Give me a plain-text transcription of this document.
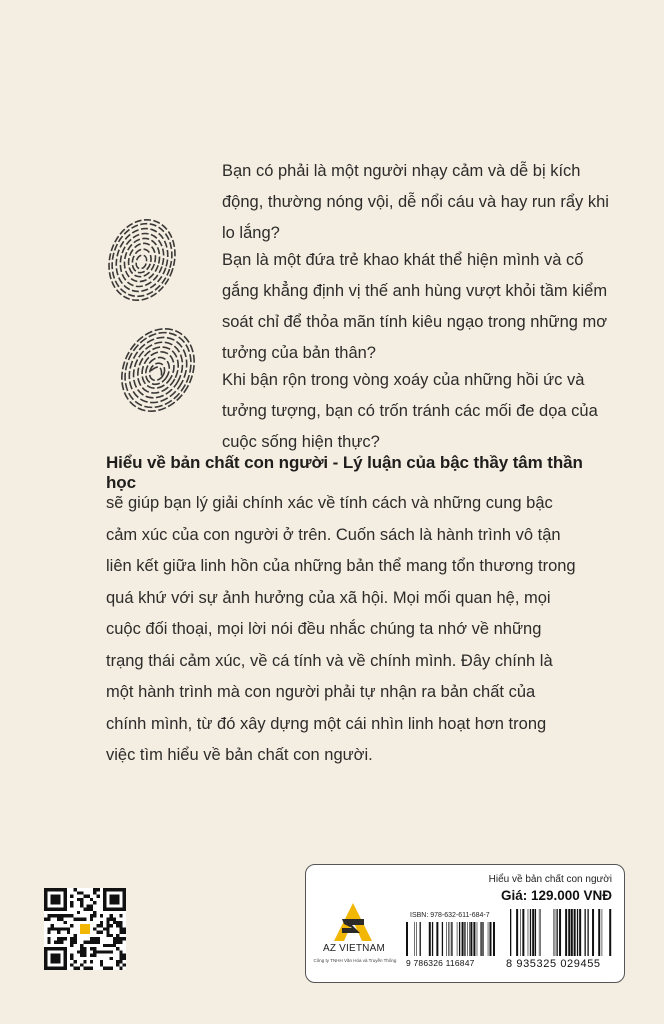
Bạn có phải là một người nhạy cảm và dễ bị kích động, thường nóng vội, dễ nổi cáu và hay run rẩy khi lo lắng?

Bạn là một đứa trẻ khao khát thể hiện mình và cố gắng khẳng định vị thế anh hùng vượt khỏi tầm kiểm soát chỉ để thỏa mãn tính kiêu ngạo trong những mơ tưởng của bản thân?

Khi bận rộn trong vòng xoáy của những hồi ức và tưởng tượng, bạn có trốn tránh các mối đe dọa của cuộc sống hiện thực?

Hiểu về bản chất con người - Lý luận của bậc thầy tâm thần học

sẽ giúp bạn lý giải chính xác về tính cách và những cung bậc cảm xúc của con người ở trên. Cuốn sách là hành trình vô tận liên kết giữa linh hồn của những bản thể mang tổn thương trong quá khứ với sự ảnh hưởng của xã hội. Mọi mối quan hệ, mọi cuộc đối thoại, mọi lời nói đều nhắc chúng ta nhớ về những trạng thái cảm xúc, về cá tính và về chính mình. Đây chính là một hành trình mà con người phải tự nhận ra bản chất của chính mình, từ đó xây dựng một cái nhìn linh hoạt hơn trong việc tìm hiểu về bản chất con người.

Hiểu về bản chất con người
Giá: 129.000 VNĐ
AZ VIETNAM
Công ty TNHH Văn Hóa và Truyền Thông
ISBN: 978-632-611-684-7
9 786326 116847	8 935325 029455
